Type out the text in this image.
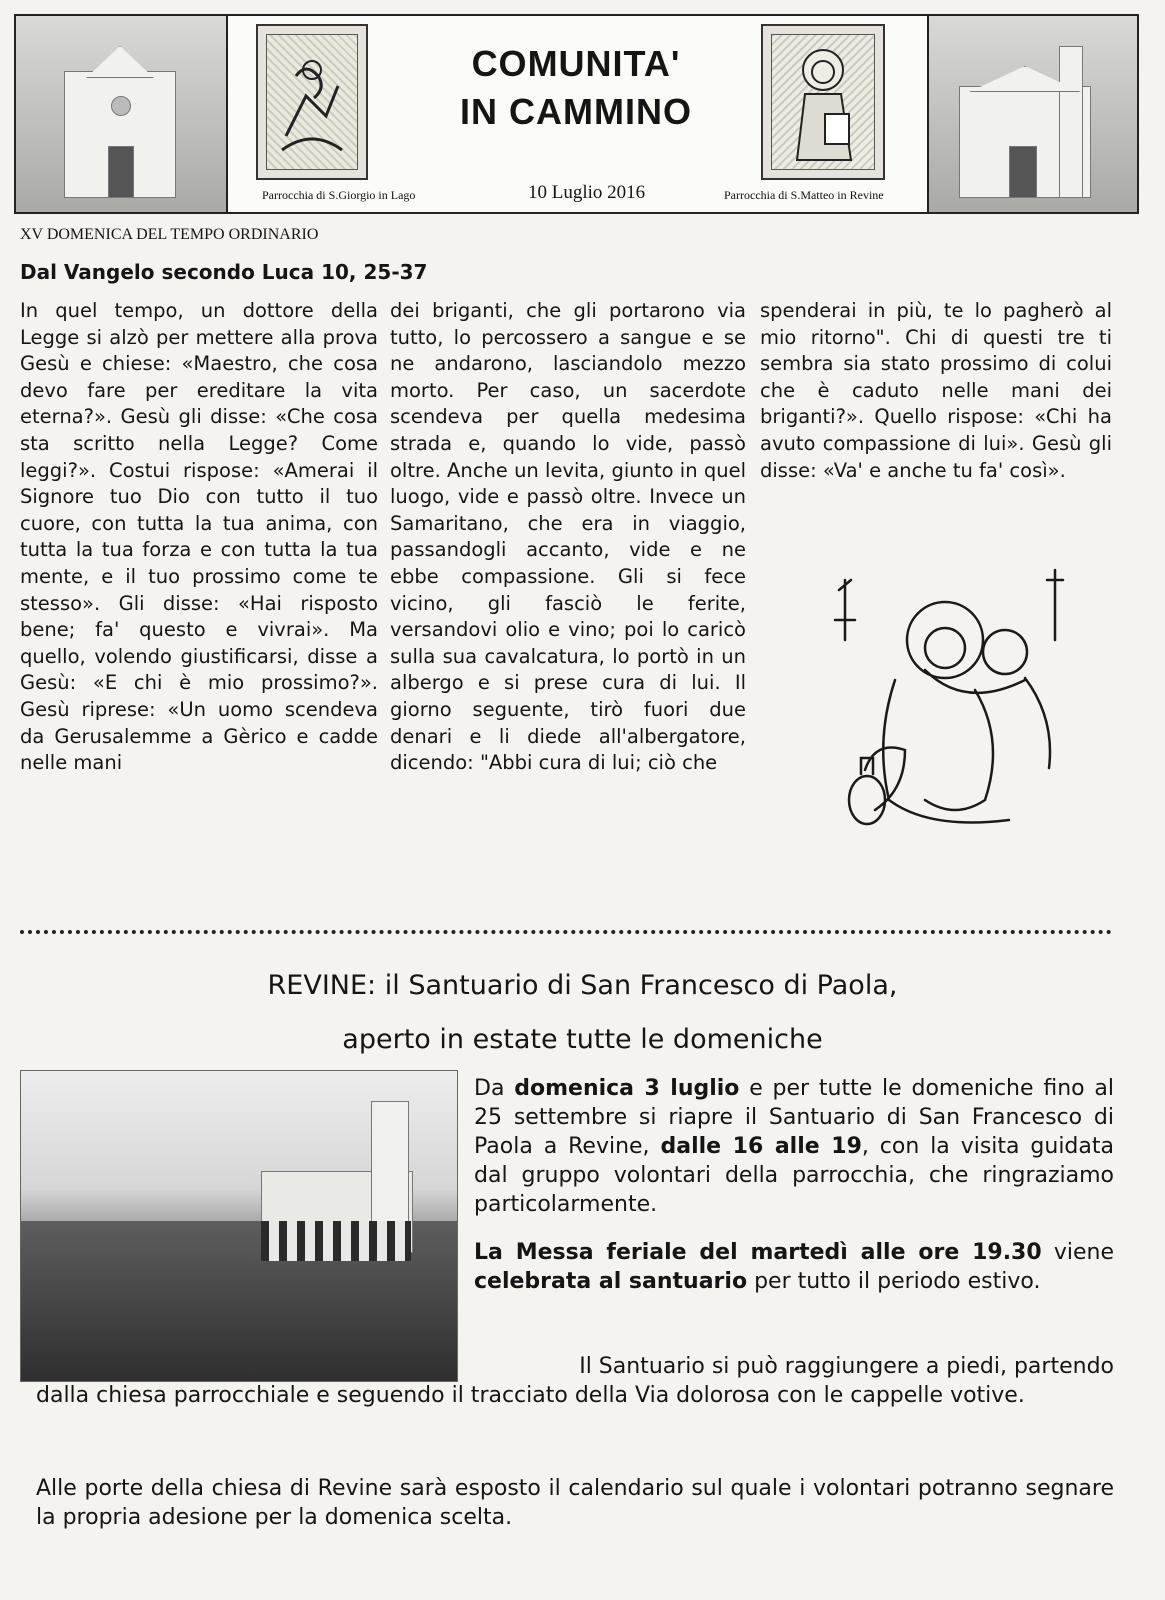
Parrocchia di S.Giorgio in Lago
COMUNITA'
IN CAMMINO
10 Luglio 2016	Parrocchia di S.Matteo in Revine
XV DOMENICA DEL TEMPO ORDINARIO
Dal Vangelo secondo Luca 10, 25-37
In quel tempo, un dottore della Legge si alzò per mettere alla prova Gesù e chiese: «Maestro, che cosa devo fare per ereditare la vita eterna?». Gesù gli disse: «Che cosa sta scritto nella Legge? Come leggi?». Costui rispose: «Amerai il Signore tuo Dio con tutto il tuo cuore, con tutta la tua anima, con tutta la tua forza e con tutta la tua mente, e il tuo prossimo come te stesso». Gli disse: «Hai risposto bene; fa' questo e vivrai». Ma quello, volendo giustificarsi, disse a Gesù: «E chi è mio prossimo?». Gesù riprese: «Un uomo scendeva da Gerusalemme a Gèrico e cadde nelle mani
dei briganti, che gli portarono via tutto, lo percossero a sangue e se ne andarono, lasciandolo mezzo morto. Per caso, un sacerdote scendeva per quella medesima strada e, quando lo vide, passò oltre. Anche un levita, giunto in quel luogo, vide e passò oltre. Invece un Samaritano, che era in viaggio, passandogli accanto, vide e ne ebbe compassione. Gli si fece vicino, gli fasciò le ferite, versandovi olio e vino; poi lo caricò sulla sua cavalcatura, lo portò in un albergo e si prese cura di lui. Il giorno seguente, tirò fuori due denari e li diede all'albergatore, dicendo: "Abbi cura di lui; ciò che
spenderai in più, te lo pagherò al mio ritorno". Chi di questi tre ti sembra sia stato prossimo di colui che è caduto nelle mani dei briganti?». Quello rispose: «Chi ha avuto compassione di lui». Gesù gli disse: «Va' e anche tu fa' così».
REVINE: il Santuario di San Francesco di Paola,
aperto in estate tutte le domeniche
Da domenica 3 luglio e per tutte le domeniche fino al 25 settembre si riapre il Santuario di San Francesco di Paola a Revine, dalle 16 alle 19, con la visita guidata dal gruppo volontari della parrocchia, che ringraziamo particolarmente.
La Messa feriale del martedì alle ore 19.30 viene celebrata al santuario per tutto il periodo estivo.
Il Santuario si può raggiungere a piedi, partendo
dalla chiesa parrocchiale e seguendo il tracciato della Via dolorosa con le cappelle votive.
Alle porte della chiesa di Revine sarà esposto il calendario sul quale i volontari potranno segnare la propria adesione per la domenica scelta.
